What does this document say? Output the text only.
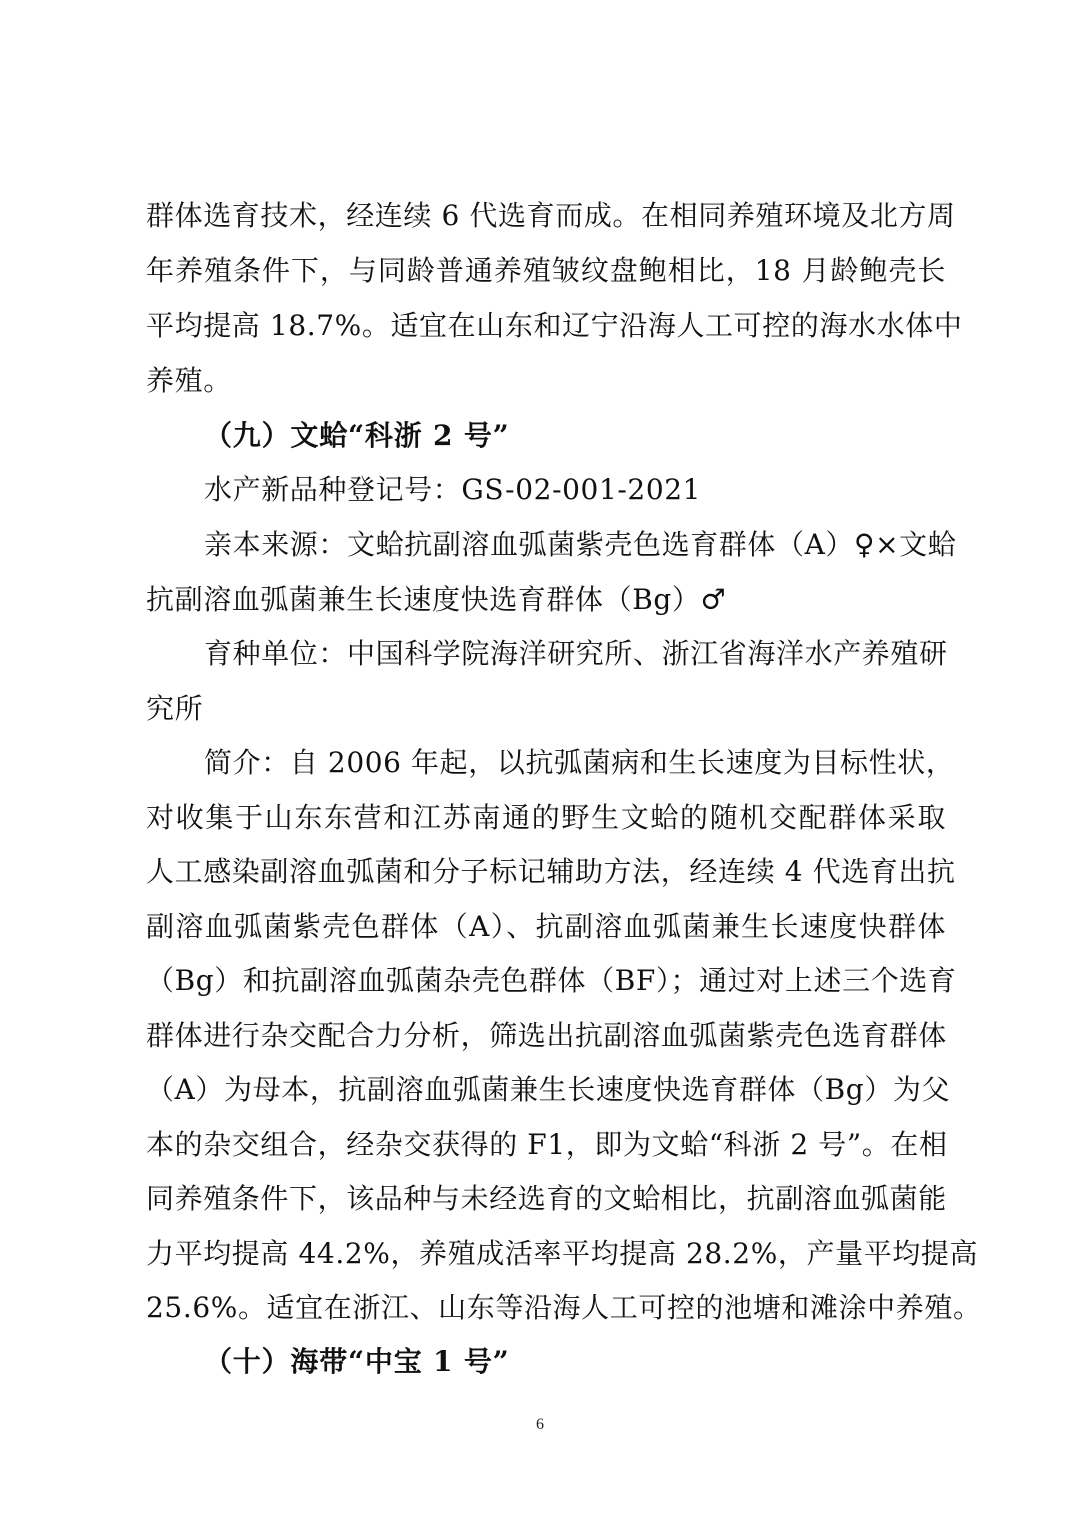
群体选育技术，经连续 6 代选育而成。在相同养殖环境及北方周
年养殖条件下，与同龄普通养殖皱纹盘鲍相比，18 月龄鲍壳长
平均提高 18.7%。适宜在山东和辽宁沿海人工可控的海水水体中
养殖。
（九）文蛤“科浙 2 号”
水产新品种登记号：GS-02-001-2021
亲本来源：文蛤抗副溶血弧菌紫壳色选育群体（A）♀×文蛤
抗副溶血弧菌兼生长速度快选育群体（Bg）♂
育种单位：中国科学院海洋研究所、浙江省海洋水产养殖研
究所
简介：自 2006 年起，以抗弧菌病和生长速度为目标性状，
对收集于山东东营和江苏南通的野生文蛤的随机交配群体采取
人工感染副溶血弧菌和分子标记辅助方法，经连续 4 代选育出抗
副溶血弧菌紫壳色群体（A）、抗副溶血弧菌兼生长速度快群体
（Bg）和抗副溶血弧菌杂壳色群体（BF）；通过对上述三个选育
群体进行杂交配合力分析，筛选出抗副溶血弧菌紫壳色选育群体
（A）为母本，抗副溶血弧菌兼生长速度快选育群体（Bg）为父
本的杂交组合，经杂交获得的 F1，即为文蛤“科浙 2 号”。在相
同养殖条件下，该品种与未经选育的文蛤相比，抗副溶血弧菌能
力平均提高 44.2%，养殖成活率平均提高 28.2%，产量平均提高
25.6%。适宜在浙江、山东等沿海人工可控的池塘和滩涂中养殖。
（十）海带“中宝 1 号”
6
